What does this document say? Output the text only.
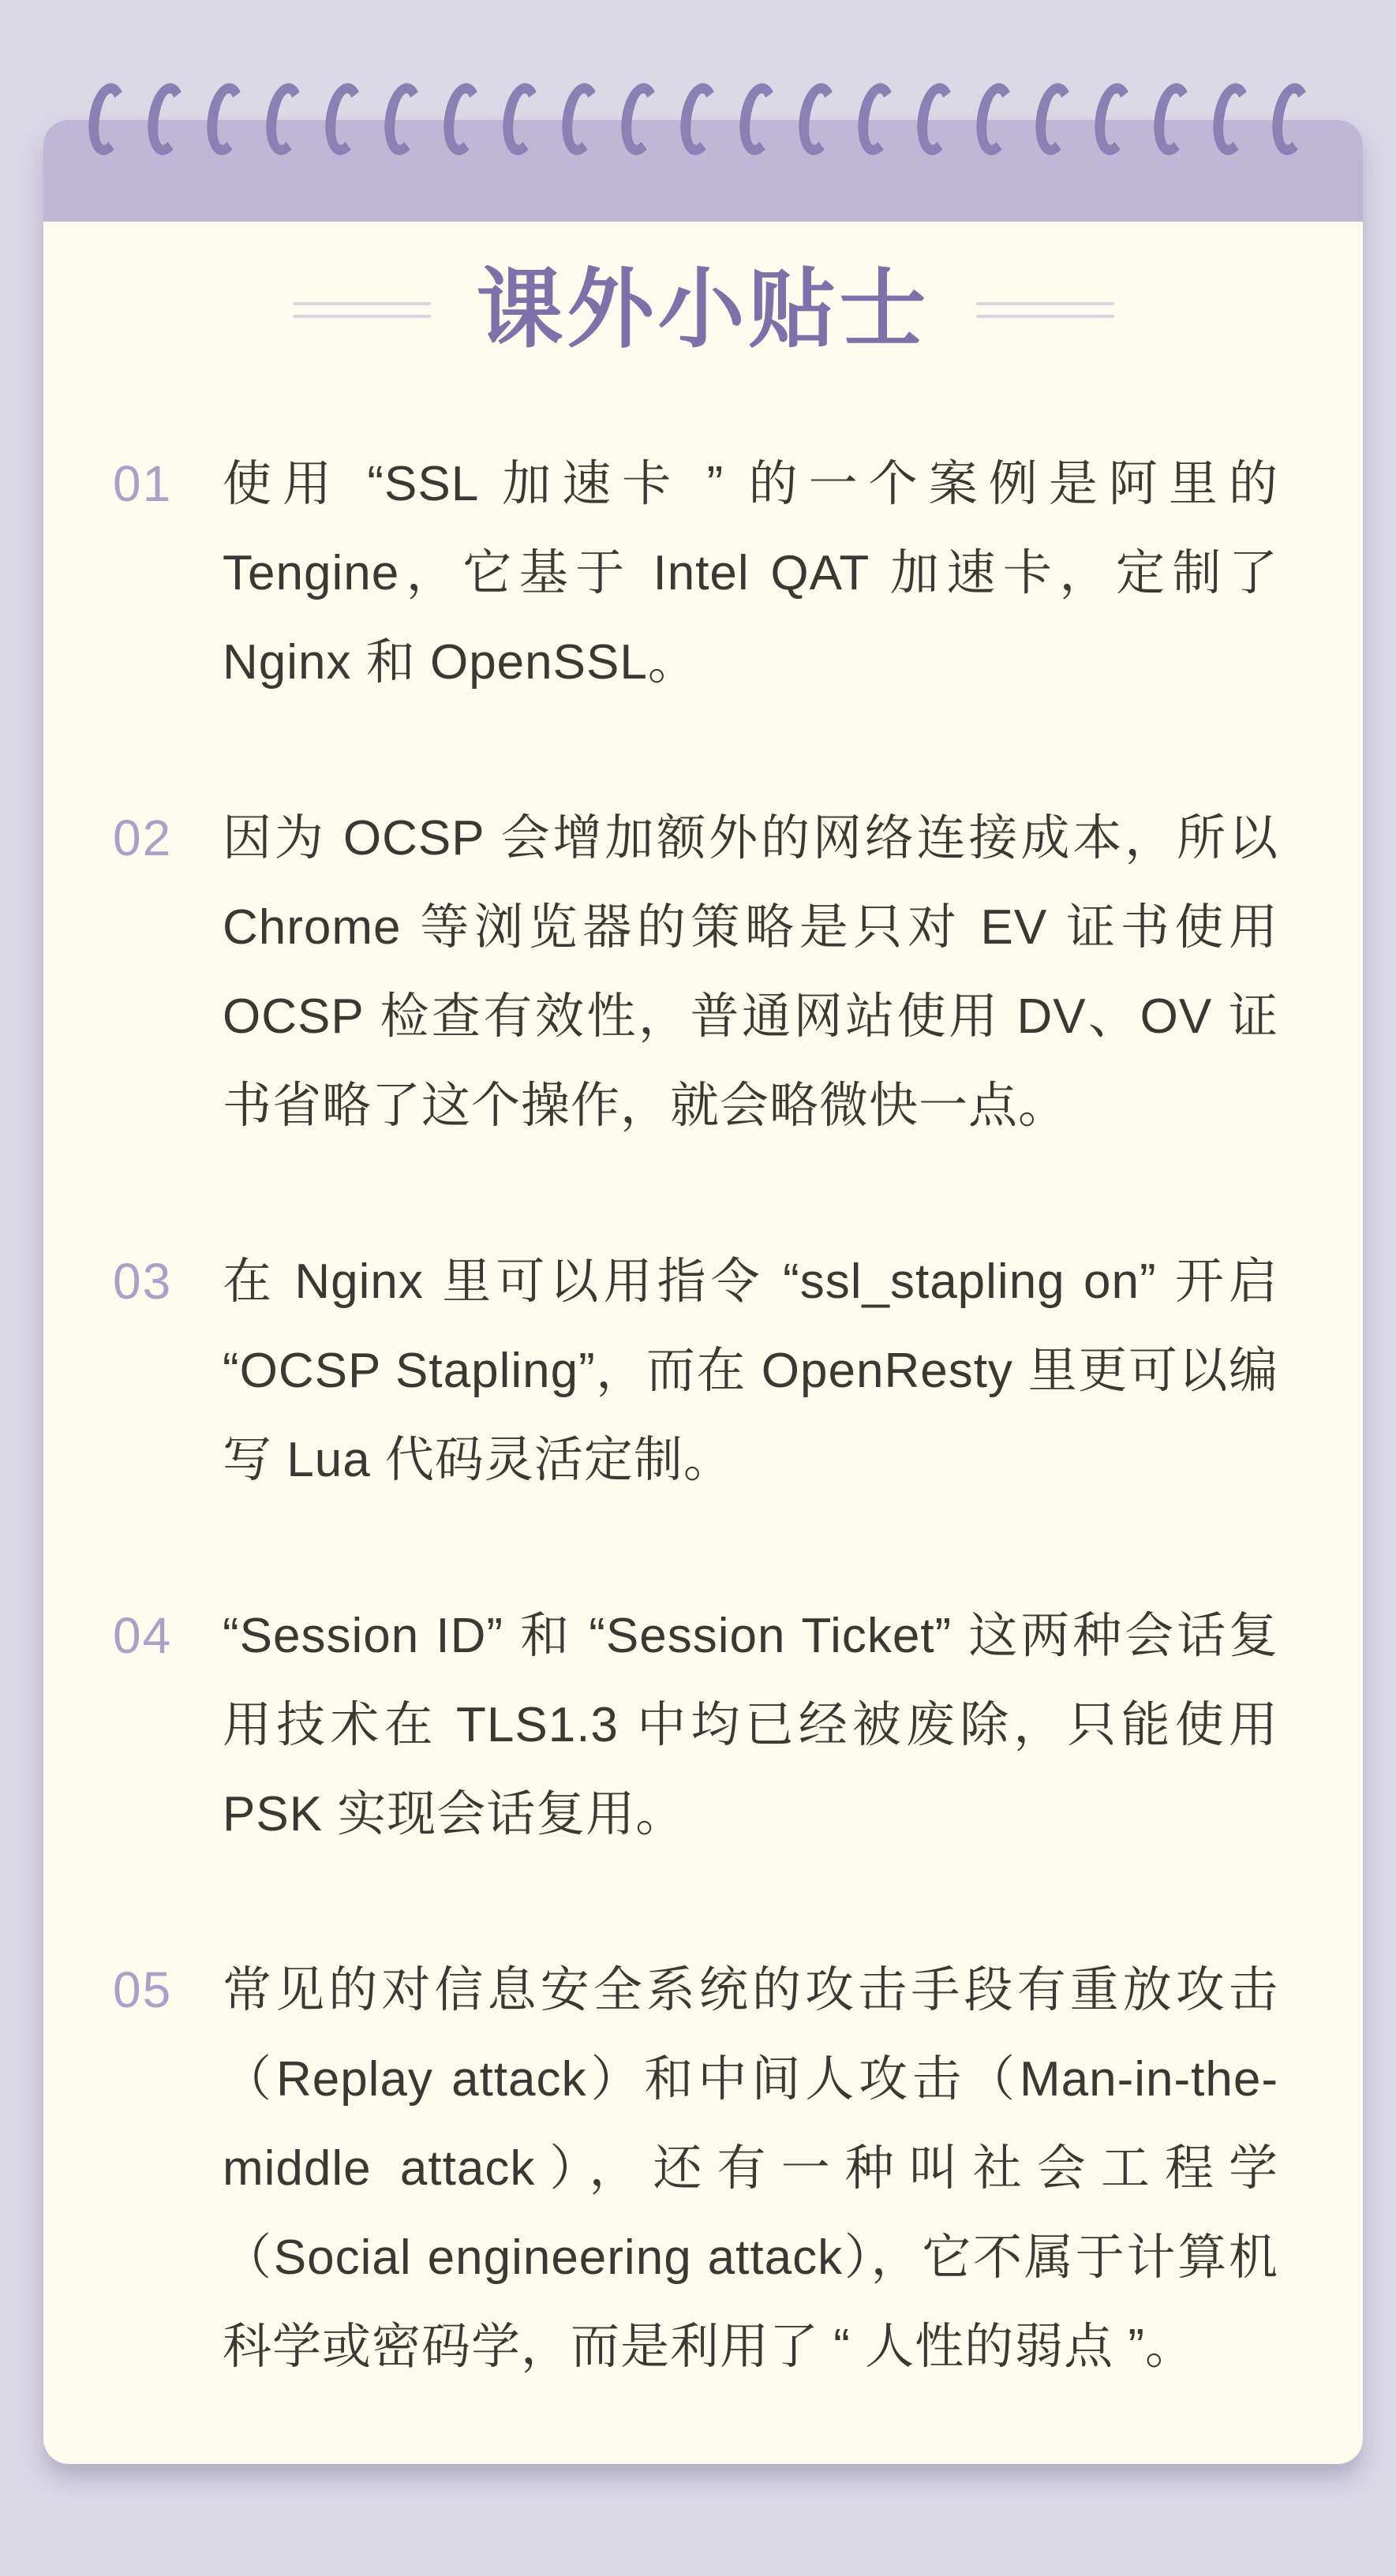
课外小贴士
01	使用 “SSL 加速卡 ” 的一个案例是阿里的 Tengine，它基于 Intel QAT 加速卡，定制了 Nginx 和 OpenSSL。
02	因为 OCSP 会增加额外的网络连接成本，所以 Chrome 等浏览器的策略是只对 EV 证书使用 OCSP 检查有效性，普通网站使用 DV、OV 证书省略了这个操作，就会略微快一点。
03	在 Nginx 里可以用指令 “ssl_stapling on” 开启 “OCSP Stapling”，而在 OpenResty 里更可以编写 Lua 代码灵活定制。
04	“Session ID” 和 “Session Ticket” 这两种会话复用技术在 TLS1.3 中均已经被废除，只能使用 PSK 实现会话复用。
05	常见的对信息安全系统的攻击手段有重放攻击（Replay attack）和中间人攻击（Man-in-the-middle attack），还有一种叫社会工程学（Social engineering attack），它不属于计算机科学或密码学，而是利用了 “ 人性的弱点 ”。
